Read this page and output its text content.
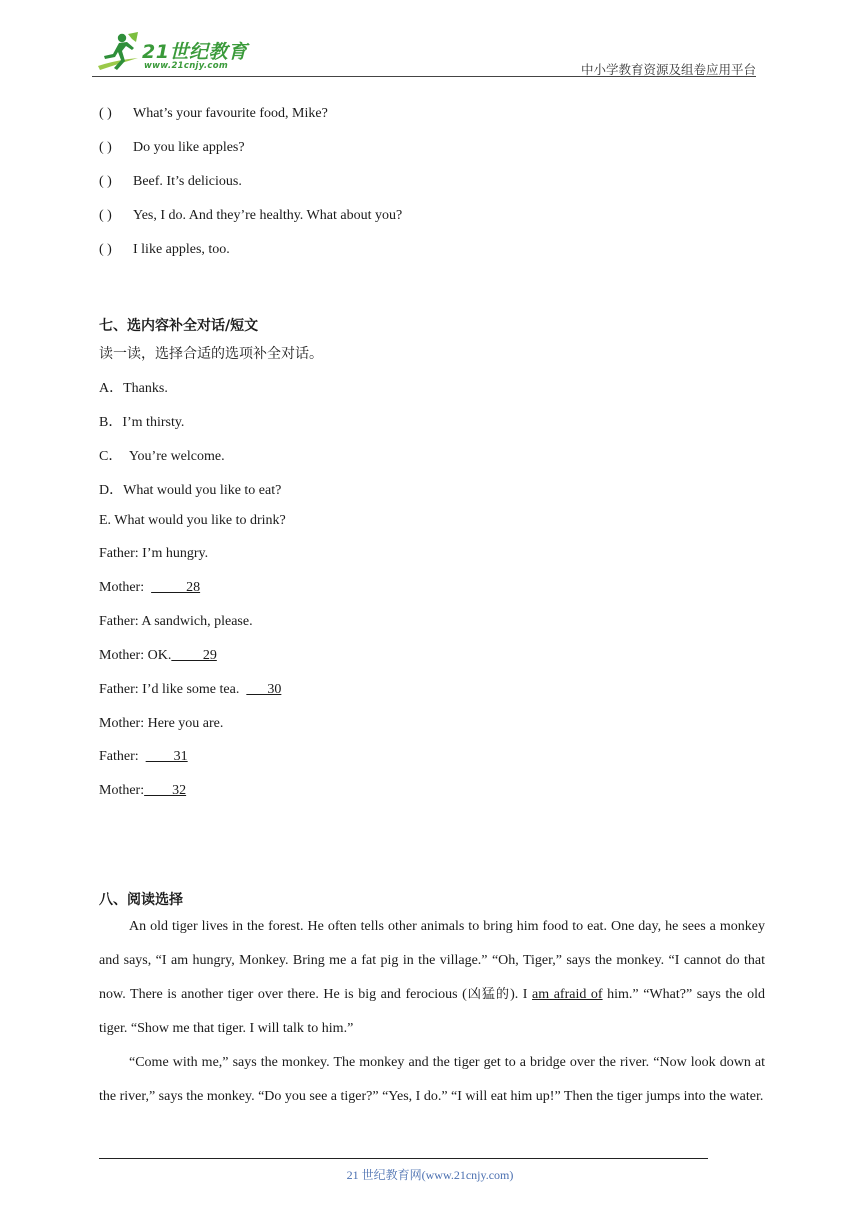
21世纪教育
www.21cnjy.com	中小学教育资源及组卷应用平台
( ) What’s your favourite food, Mike?
( ) Do you like apples?
( ) Beef. It’s delicious.
( ) Yes, I do. And they’re healthy. What about you?
( ) I like apples, too.
七、选内容补全对话/短文
读一读，选择合适的选项补全对话。
A．Thanks.
B．I’m thirsty.
C．  You’re welcome.
D．What would you like to eat?
E. What would you like to drink?
Father: I’m hungry.
Mother:            28
Father: A sandwich, please.
Mother: OK.         29
Father: I’d like some tea.        30
Mother: Here you are.
Father:          31
Mother:        32
八、阅读选择
An old tiger lives in the forest. He often tells other animals to bring him food to eat. One day, he sees a monkey and says, “I am hungry, Monkey. Bring me a fat pig in the village.” “Oh, Tiger,” says the monkey. “I cannot do that now. There is another tiger over there. He is big and ferocious (凶猛的). I am afraid of him.” “What?” says the old tiger. “Show me that tiger. I will talk to him.”
“Come with me,” says the monkey. The monkey and the tiger get to a bridge over the river. “Now look down at the river,” says the monkey. “Do you see a tiger?” “Yes, I do.” “I will eat him up!” Then the tiger jumps into the water.
21 世纪教育网(www.21cnjy.com)
